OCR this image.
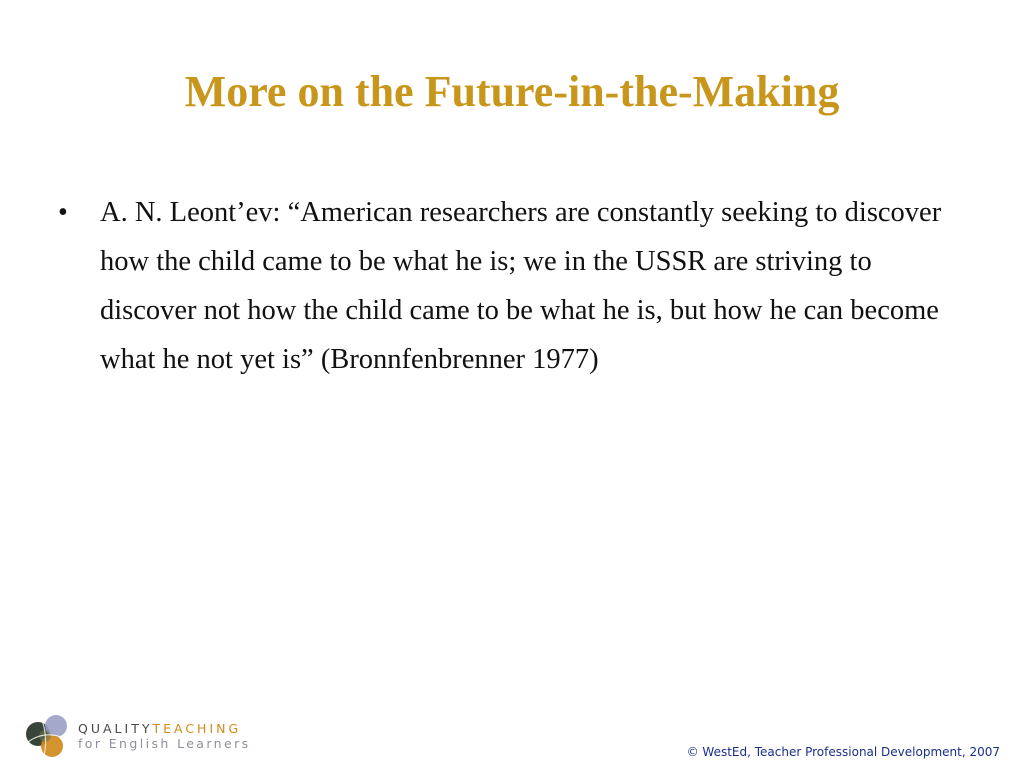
More on the Future-in-the-Making
•	A. N. Leont’ev: “American researchers are constantly seeking to discover how the child came to be what he is; we in the USSR are striving to discover not how the child came to be what he is, but how he can become what he not yet is” (Bronnfenbrenner 1977)
QUALITYTEACHING
for English Learners
© WestEd, Teacher Professional Development, 2007
